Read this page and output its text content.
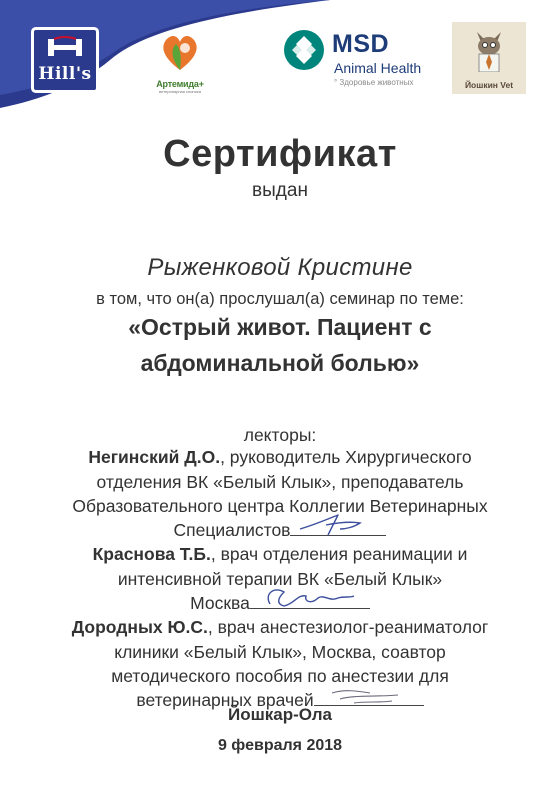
Hill's	Артемида+
ветеринарная клиника
MSD
Animal Health
° Здоровье животных	Йошкин Vet
Сертификат
выдан
Рыженковой Кристине
в том, что он(а) прослушал(а) семинар по теме:
«Острый живот. Пациент с
абдоминальной болью»
лекторы:
Негинский Д.О., руководитель Хирургического
отделения ВК «Белый Клык», преподаватель
Образовательного центра Коллегии Ветеринарных
Специалистов
Краснова Т.Б., врач отделения реанимации и
интенсивной терапии ВК «Белый Клык»
Москва
Дородных Ю.С., врач анестезиолог-реаниматолог
клиники «Белый Клык», Москва, соавтор
методического пособия по анестезии для
ветеринарных врачей
Йошкар-Ола
9 февраля 2018
